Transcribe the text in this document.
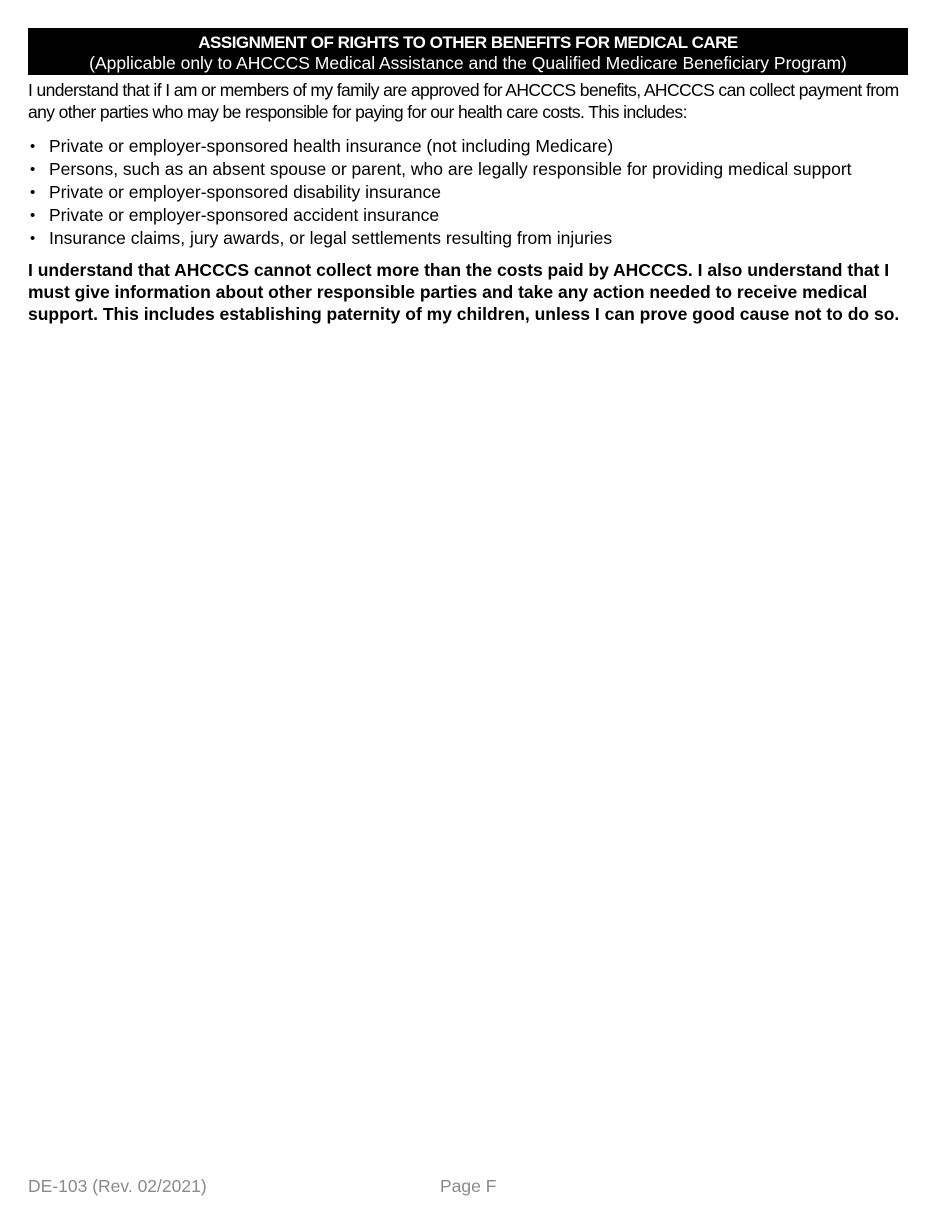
ASSIGNMENT OF RIGHTS TO OTHER BENEFITS FOR MEDICAL CARE
(Applicable only to AHCCCS Medical Assistance and the Qualified Medicare Beneficiary Program)
I understand that if I am or members of my family are approved for AHCCCS benefits, AHCCCS can collect payment from any other parties who may be responsible for paying for our health care costs. This includes:
• Private or employer-sponsored health insurance (not including Medicare)
• Persons, such as an absent spouse or parent, who are legally responsible for providing medical support
• Private or employer-sponsored disability insurance
• Private or employer-sponsored accident insurance
• Insurance claims, jury awards, or legal settlements resulting from injuries
I understand that AHCCCS cannot collect more than the costs paid by AHCCCS. I also understand that I must give information about other responsible parties and take any action needed to receive medical support. This includes establishing paternity of my children, unless I can prove good cause not to do so.
DE-103 (Rev. 02/2021)	Page F
